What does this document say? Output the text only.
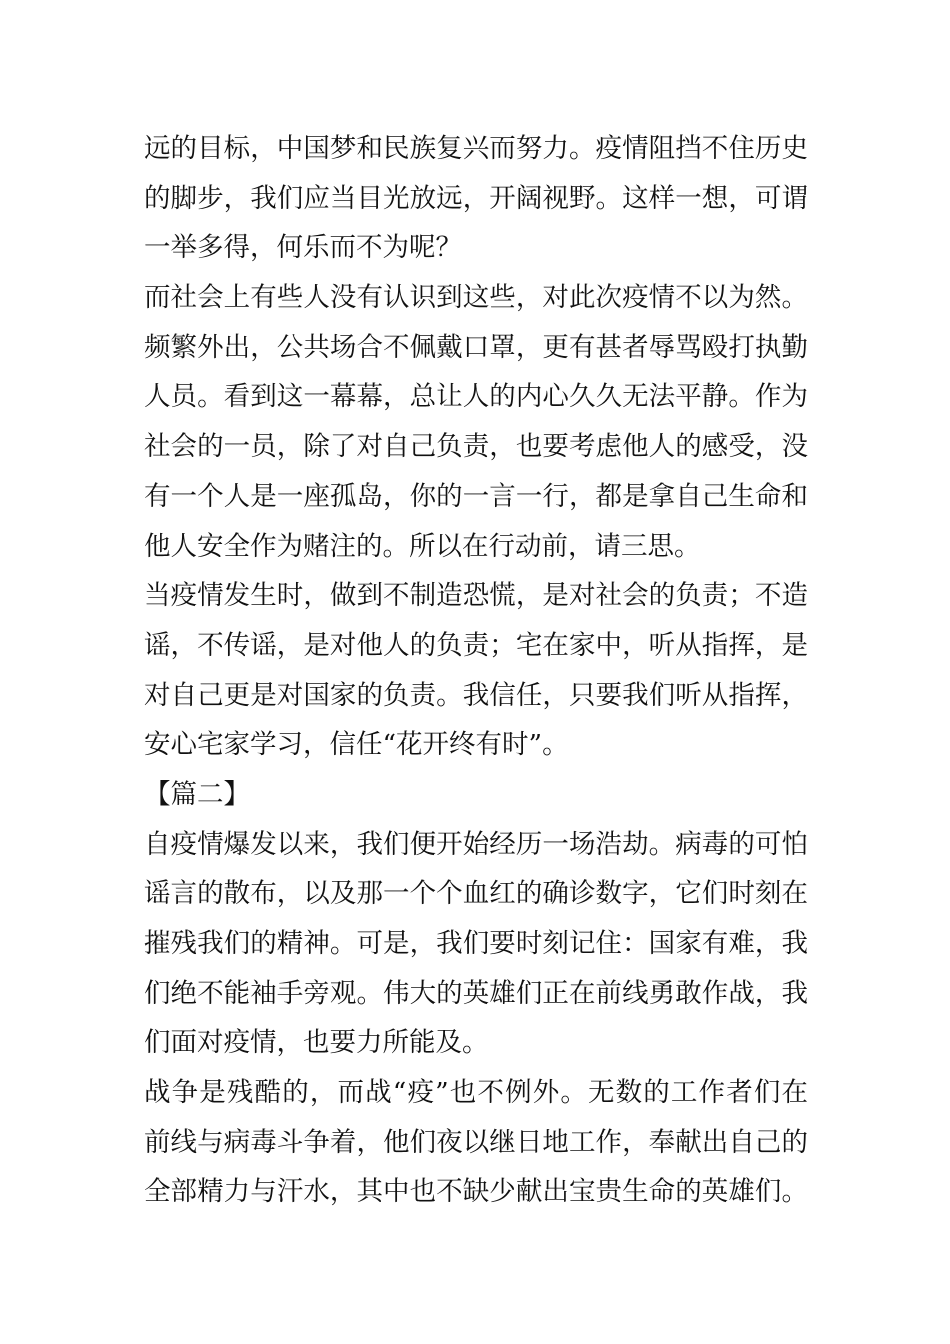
远的目标，中国梦和民族复兴而努力。疫情阻挡不住历史
的脚步，我们应当目光放远，开阔视野。这样一想，可谓
一举多得，何乐而不为呢？
而社会上有些人没有认识到这些，对此次疫情不以为然。
频繁外出，公共场合不佩戴口罩，更有甚者辱骂殴打执勤
人员。看到这一幕幕，总让人的内心久久无法平静。作为
社会的一员，除了对自己负责，也要考虑他人的感受，没
有一个人是一座孤岛，你的一言一行，都是拿自己生命和
他人安全作为赌注的。所以在行动前，请三思。
当疫情发生时，做到不制造恐慌，是对社会的负责；不造
谣，不传谣，是对他人的负责；宅在家中，听从指挥，是
对自己更是对国家的负责。我信任，只要我们听从指挥，
安心宅家学习，信任“花开终有时”。
【篇二】
自疫情爆发以来，我们便开始经历一场浩劫。病毒的可怕
谣言的散布，以及那一个个血红的确诊数字，它们时刻在
摧残我们的精神。可是，我们要时刻记住：国家有难，我
们绝不能袖手旁观。伟大的英雄们正在前线勇敢作战，我
们面对疫情，也要力所能及。
战争是残酷的，而战“疫”也不例外。无数的工作者们在
前线与病毒斗争着，他们夜以继日地工作，奉献出自己的
全部精力与汗水，其中也不缺少献出宝贵生命的英雄们。
